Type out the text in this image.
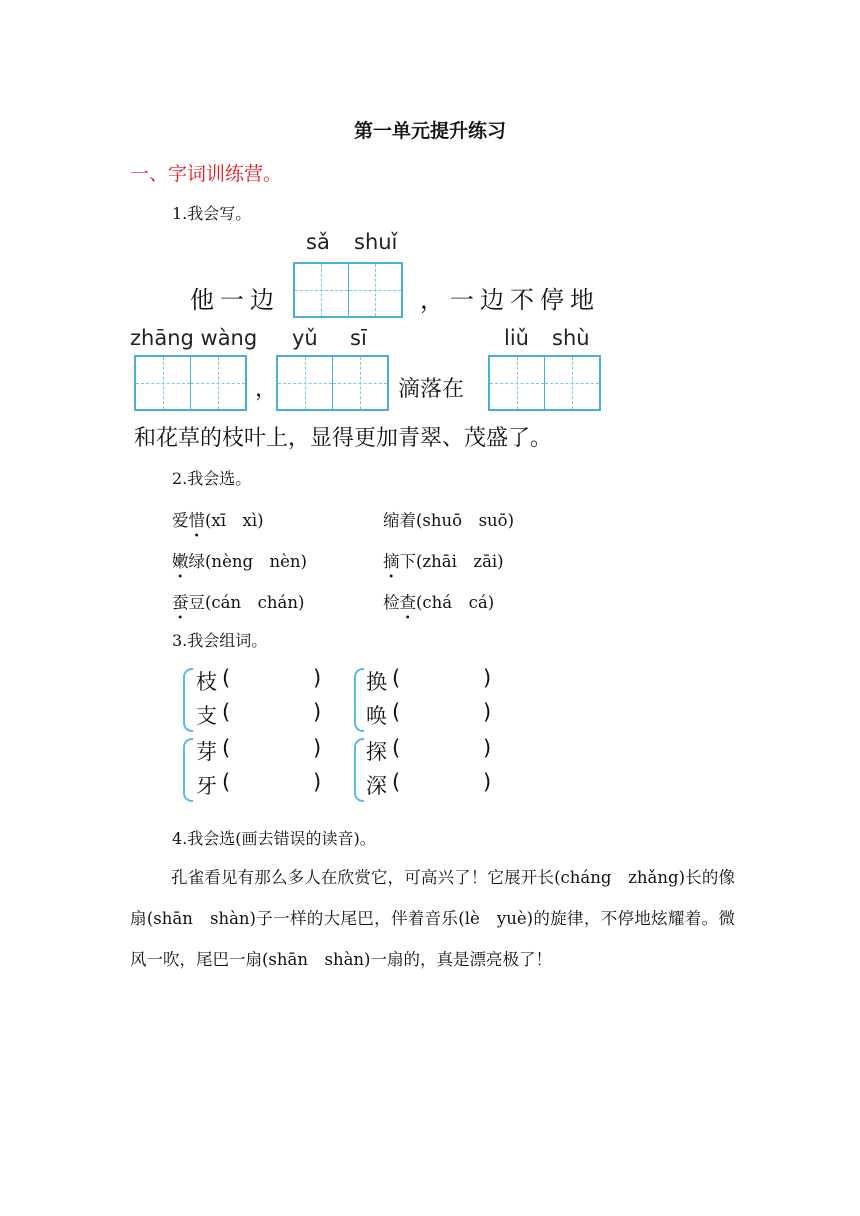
第一单元提升练习
一、字词训练营。
1.我会写。
sǎ shuǐ
他一边	，一边不停地
zhāng wàng yǔ sī	liǔ shù
，	滴落在
和花草的枝叶上，显得更加青翠、茂盛了。
2.我会选。
爱惜(xī　xì)	缩着(shuō　suō)
嫩绿(nèng　nèn)	摘下(zhāi　zāi)
蚕豆(cán　chán)	检查(chá　cá)
3.我会组词。
枝 (	)
支 (	)
换 (	)
唤 (	)
芽 (	)
牙 (	)
探 (	)
深 (	)
4.我会选(画去错误的读音)。
孔雀看见有那么多人在欣赏它，可高兴了！它展开长(cháng　zhǎng)长的像扇(shān　shàn)子一样的大尾巴，伴着音乐(lè　yuè)的旋律，不停地炫耀着。微风一吹，尾巴一扇(shān　shàn)一扇的，真是漂亮极了！
